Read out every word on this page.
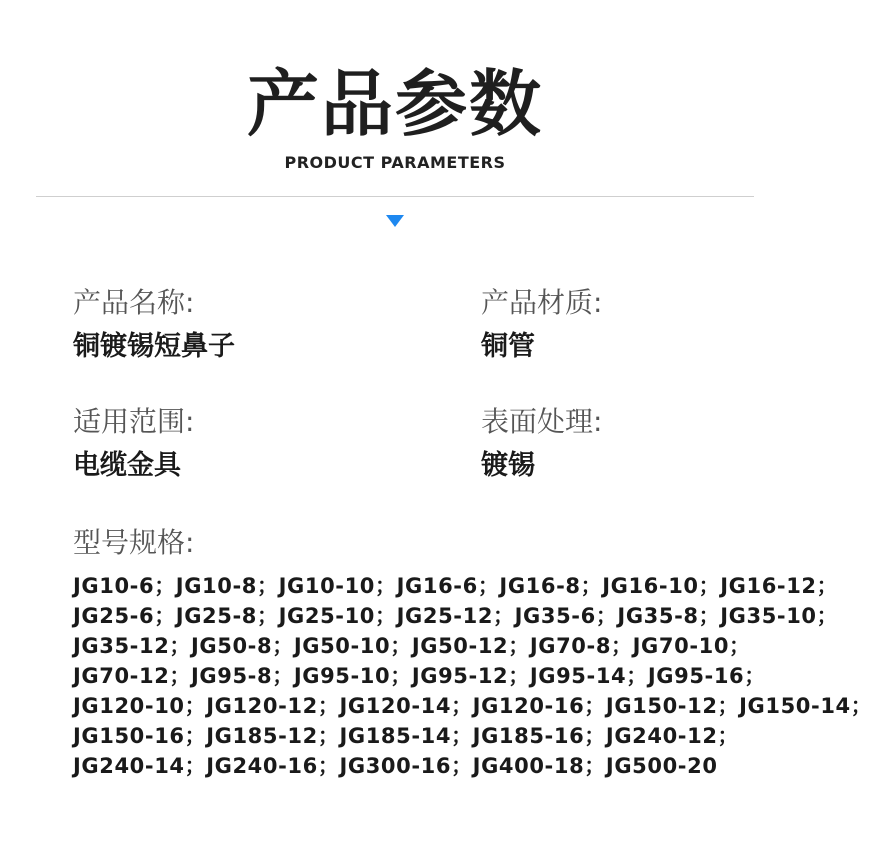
产品参数
PRODUCT PARAMETERS
产品名称:
铜镀锡短鼻子
产品材质:
铜管
适用范围:
电缆金具
表面处理:
镀锡
型号规格:
JG10-6；JG10-8；JG10-10；JG16-6；JG16-8；JG16-10；JG16-12；
JG25-6；JG25-8；JG25-10；JG25-12；JG35-6；JG35-8；JG35-10；
JG35-12；JG50-8；JG50-10；JG50-12；JG70-8；JG70-10；
JG70-12；JG95-8；JG95-10；JG95-12；JG95-14；JG95-16；
JG120-10；JG120-12；JG120-14；JG120-16；JG150-12；JG150-14；
JG150-16；JG185-12；JG185-14；JG185-16；JG240-12；
JG240-14；JG240-16；JG300-16；JG400-18；JG500-20
